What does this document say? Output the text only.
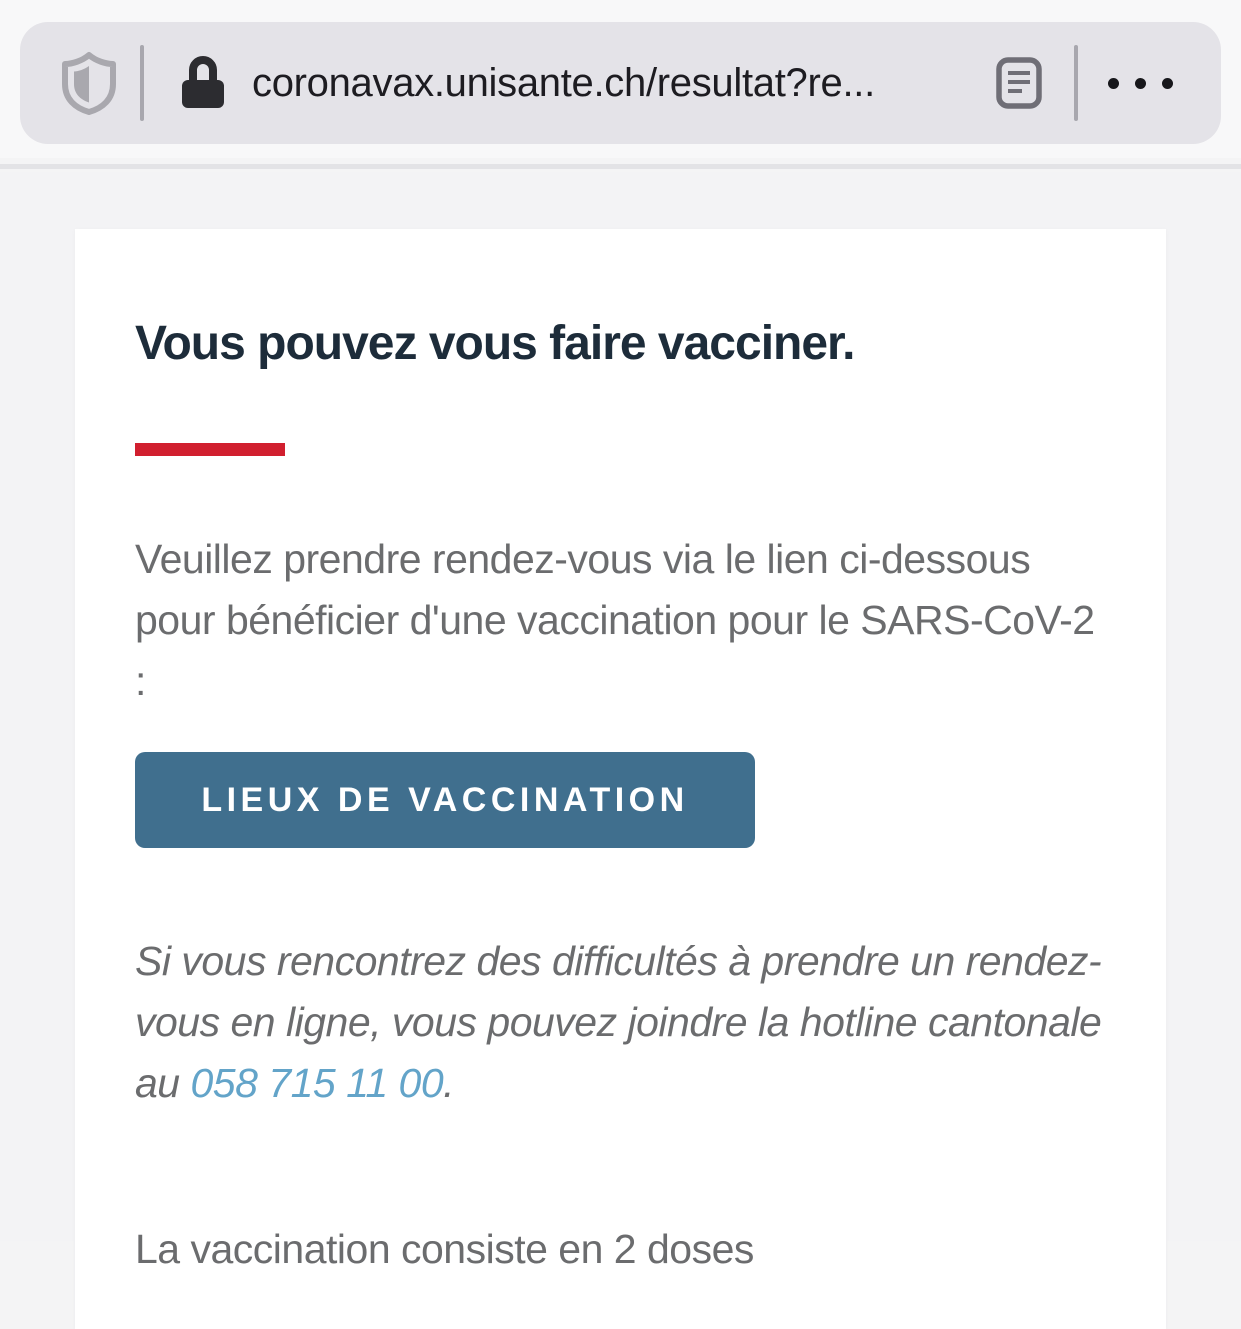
coronavax.unisante.ch/resultat?re...
Vous pouvez vous faire vacciner.

Veuillez prendre rendez-vous via le lien ci-dessous pour bénéficier d'une vaccination pour le SARS-CoV-2 :

LIEUX DE VACCINATION

Si vous rencontrez des difficultés à prendre un rendez-vous en ligne, vous pouvez joindre la hotline cantonale au 058 715 11 00.

La vaccination consiste en 2 doses
